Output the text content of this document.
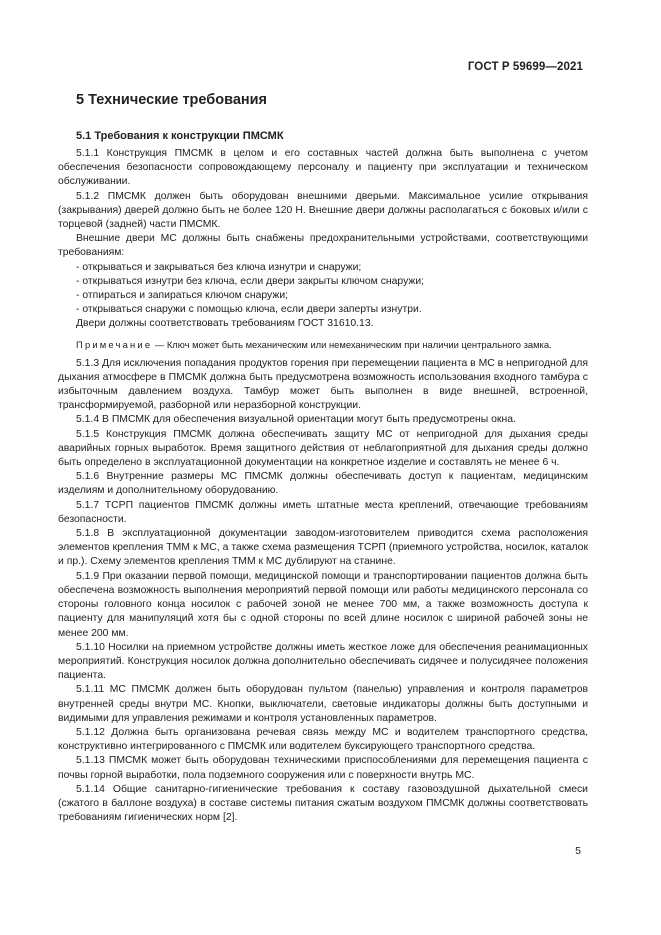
ГОСТ Р 59699—2021
5 Технические требования
5.1 Требования к конструкции ПМСМК

5.1.1 Конструкция ПМСМК в целом и его составных частей должна быть выполнена с учетом обеспечения безопасности сопровождающему персоналу и пациенту при эксплуатации и техническом обслуживании.

5.1.2 ПМСМК должен быть оборудован внешними дверьми. Максимальное усилие открывания (закрывания) дверей должно быть не более 120 Н. Внешние двери должны располагаться с боковых и/или с торцевой (задней) части ПМСМК.

Внешние двери МС должны быть снабжены предохранительными устройствами, соответствующими требованиям:

- открываться и закрываться без ключа изнутри и снаружи;
- открываться изнутри без ключа, если двери закрыты ключом снаружи;
- отпираться и запираться ключом снаружи;
- открываться снаружи с помощью ключа, если двери заперты изнутри.

Двери должны соответствовать требованиям ГОСТ 31610.13.

Примечание — Ключ может быть механическим или немеханическим при наличии центрального замка.

5.1.3 Для исключения попадания продуктов горения при перемещении пациента в МС в непригодной для дыхания атмосфере в ПМСМК должна быть предусмотрена возможность использования входного тамбура с избыточным давлением воздуха. Тамбур может быть выполнен в виде внешней, встроенной, трансформируемой, разборной или неразборной конструкции.

5.1.4 В ПМСМК для обеспечения визуальной ориентации могут быть предусмотрены окна.

5.1.5 Конструкция ПМСМК должна обеспечивать защиту МС от непригодной для дыхания среды аварийных горных выработок. Время защитного действия от неблагоприятной для дыхания среды должно быть определено в эксплуатационной документации на конкретное изделие и составлять не менее 6 ч.

5.1.6 Внутренние размеры МС ПМСМК должны обеспечивать доступ к пациентам, медицинским изделиям и дополнительному оборудованию.

5.1.7 ТСРП пациентов ПМСМК должны иметь штатные места креплений, отвечающие требованиям безопасности.

5.1.8 В эксплуатационной документации заводом-изготовителем приводится схема расположения элементов крепления ТММ к МС, а также схема размещения ТСРП (приемного устройства, носилок, каталок и пр.). Схему элементов крепления ТММ к МС дублируют на станине.

5.1.9 При оказании первой помощи, медицинской помощи и транспортировании пациентов должна быть обеспечена возможность выполнения мероприятий первой помощи или работы медицинского персонала со стороны головного конца носилок с рабочей зоной не менее 700 мм, а также возможность доступа к пациенту для манипуляций хотя бы с одной стороны по всей длине носилок с шириной рабочей зоны не менее 200 мм.

5.1.10 Носилки на приемном устройстве должны иметь жесткое ложе для обеспечения реанимационных мероприятий. Конструкция носилок должна дополнительно обеспечивать сидячее и полусидячее положения пациента.

5.1.11 МС ПМСМК должен быть оборудован пультом (панелью) управления и контроля параметров внутренней среды внутри МС. Кнопки, выключатели, световые индикаторы должны быть доступными и видимыми для управления режимами и контроля установленных параметров.

5.1.12 Должна быть организована речевая связь между МС и водителем транспортного средства, конструктивно интегрированного с ПМСМК или водителем буксирующего транспортного средства.

5.1.13 ПМСМК может быть оборудован техническими приспособлениями для перемещения пациента с почвы горной выработки, пола подземного сооружения или с поверхности внутрь МС.

5.1.14 Общие санитарно-гигиенические требования к составу газовоздушной дыхательной смеси (сжатого в баллоне воздуха) в составе системы питания сжатым воздухом ПМСМК должны соответствовать требованиям гигиенических норм [2].

5
